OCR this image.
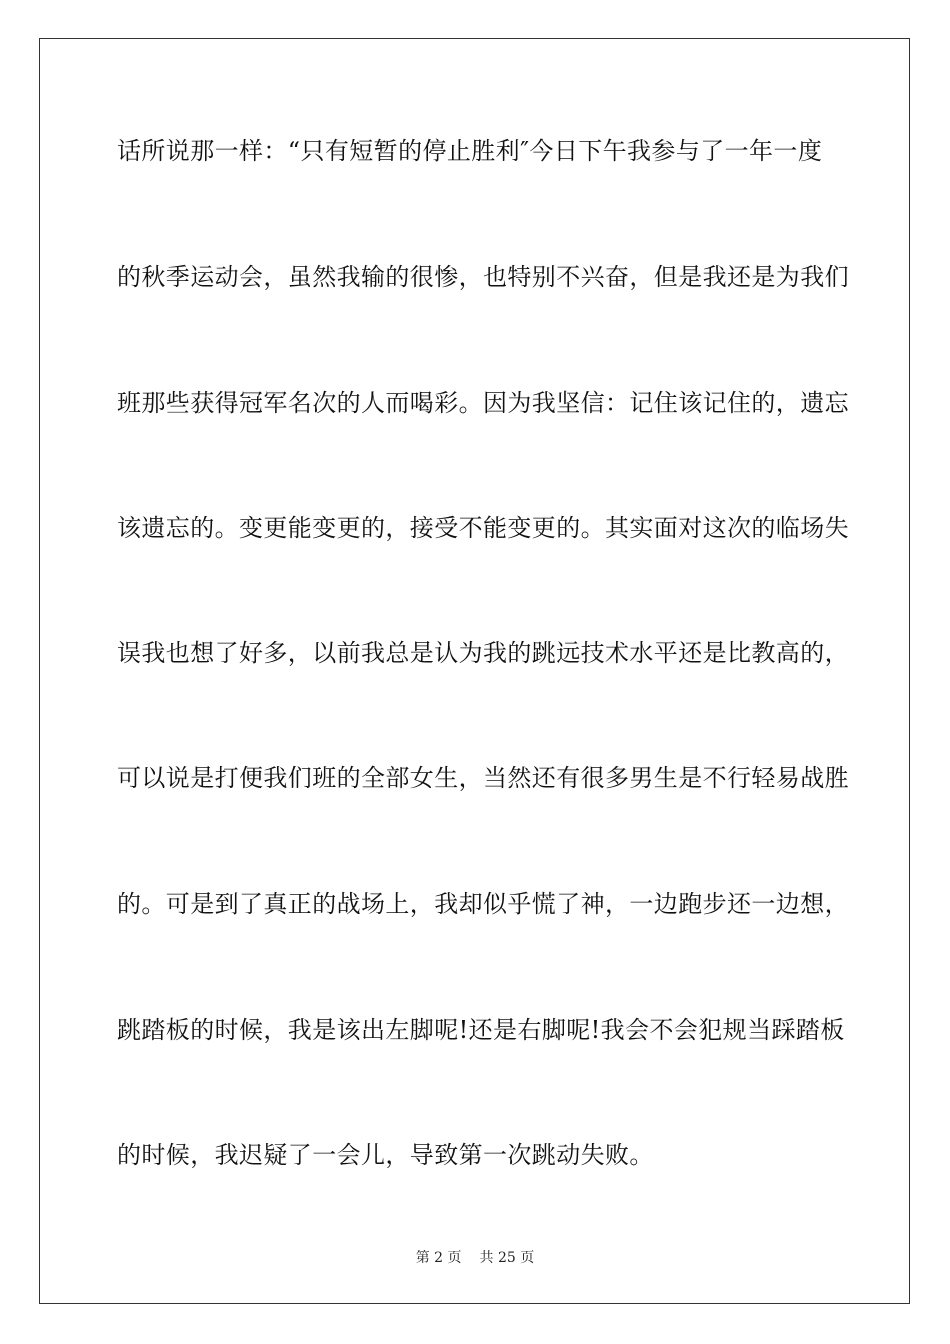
话所说那一样：“只有短暂的停止胜利″今日下午我参与了一年一度
的秋季运动会，虽然我输的很惨，也特别不兴奋，但是我还是为我们
班那些获得冠军名次的人而喝彩。因为我坚信：记住该记住的，遗忘
该遗忘的。变更能变更的，接受不能变更的。其实面对这次的临场失
误我也想了好多，以前我总是认为我的跳远技术水平还是比教高的，
可以说是打便我们班的全部女生，当然还有很多男生是不行轻易战胜
的。可是到了真正的战场上，我却似乎慌了神，一边跑步还一边想，
跳踏板的时候，我是该出左脚呢!还是右脚呢!我会不会犯规当踩踏板
的时候，我迟疑了一会儿，导致第一次跳动失败。
第 2 页 共 25 页
